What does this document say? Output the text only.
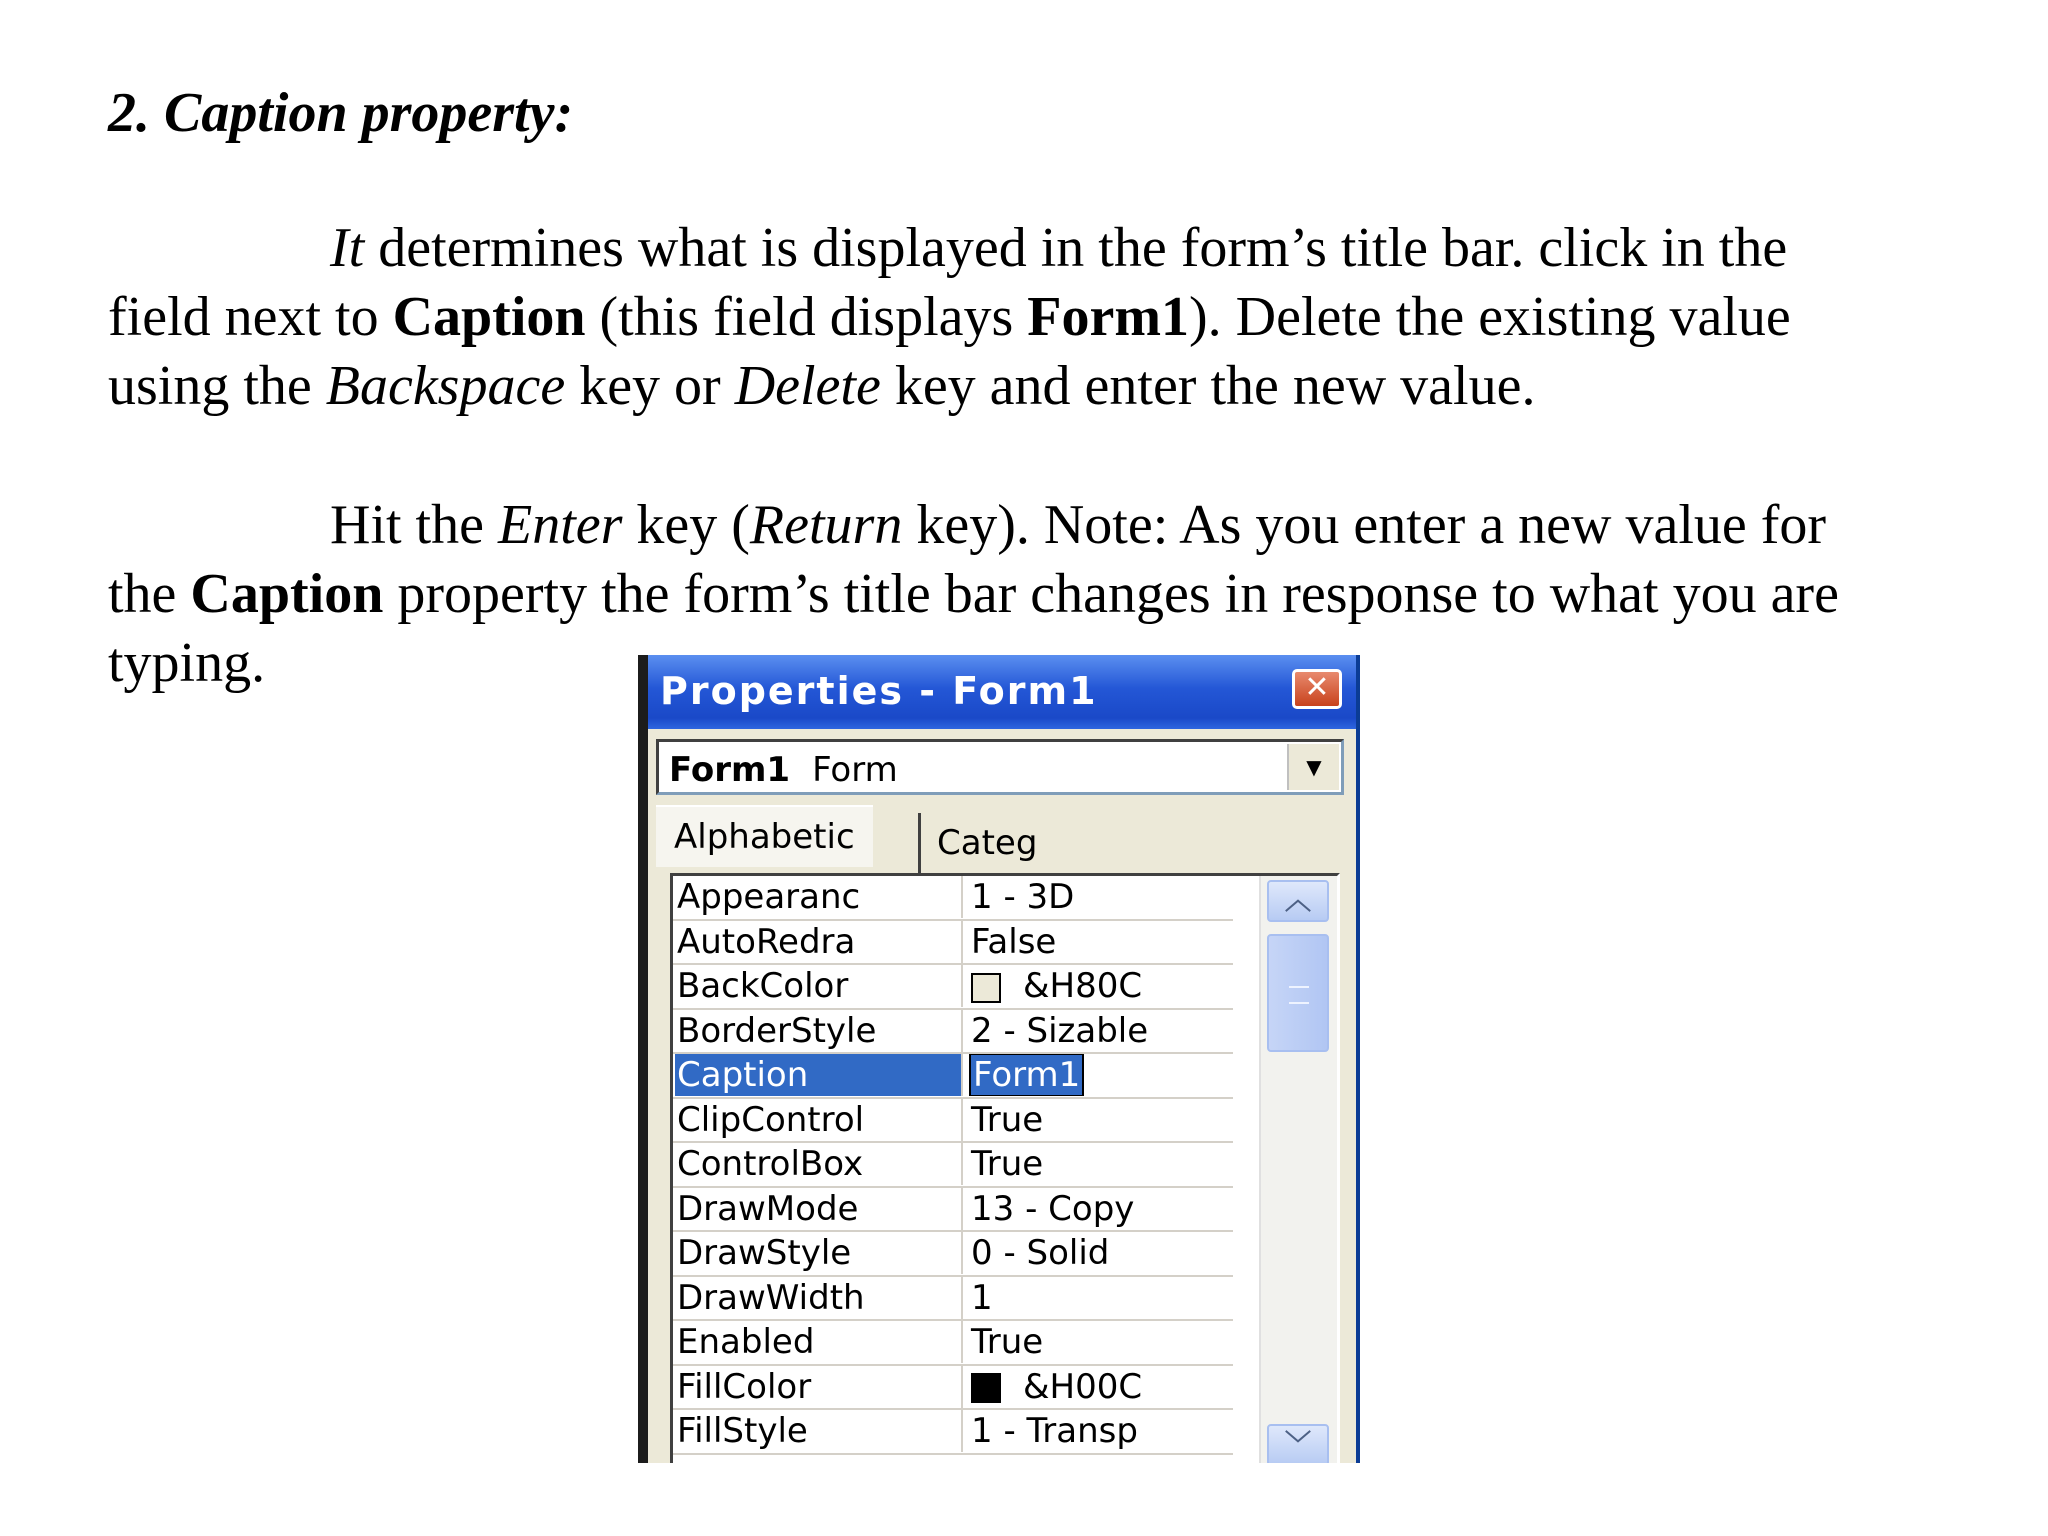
2. Caption property:

It determines what is displayed in the form’s title bar. click in the
field next to Caption (this field displays Form1). Delete the existing value
using the Backspace key or Delete key and enter the new value.

Hit the Enter key (Return key). Note: As you enter a new value for
the Caption property the form’s title bar changes in response to what you are
typing.	Properties - Form1	✕
Form1 Form	▼
Alphabetic	Categ
Appearanc	1 - 3D
AutoRedra	False
BackColor	&H80C
BorderStyle	2 - Sizable
Caption	Form1
ClipControl	True
ControlBox	True
DrawMode	13 - Copy
DrawStyle	0 - Solid
DrawWidth	1
Enabled	True
FillColor	&H00C
FillStyle	1 - Transp
︿
﹀
